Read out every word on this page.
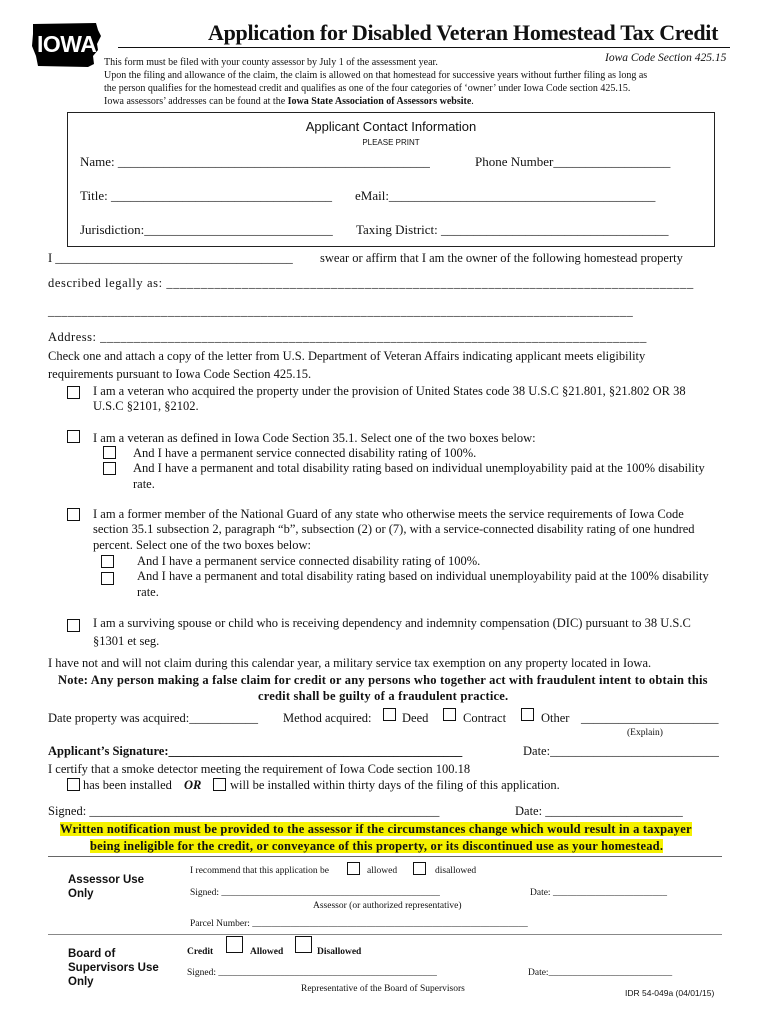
IOWA	Application for Disabled Veteran Homestead Tax Credit
Iowa Code Section 425.15
This form must be filed with your county assessor by July 1 of the assessment year.
Upon the filing and allowance of the claim, the claim is allowed on that homestead for successive years without further filing as long as
the person qualifies for the homestead credit and qualifies as one of the four categories of ‘owner’ under Iowa Code section 425.15.
Iowa assessors’ addresses can be found at the Iowa State Association of Assessors website.
Applicant Contact Information
PLEASE PRINT
Name: ________________________________________________	Phone Number__________________
Title: __________________________________ eMail:_________________________________________
Jurisdiction:_____________________________ Taxing District: ___________________________________
I ______________________________________ swear or affirm that I am the owner of the following homestead property
described legally as: _____________________________________________________________________________
________________________________________________________________________________________
Address: _________________________________________________________________________________
Check one and attach a copy of the letter from U.S. Department of Veteran Affairs indicating applicant meets eligibility
requirements pursuant to Iowa Code Section 425.15.
I am a veteran who acquired the property under the provision of United States code 38 U.S.C §21.801, §21.802 OR 38
U.S.C §2101, §2102.
I am a veteran as defined in Iowa Code Section 35.1. Select one of the two boxes below:
And I have a permanent service connected disability rating of 100%.
And I have a permanent and total disability rating based on individual unemployability paid at the 100% disability
rate.
I am a former member of the National Guard of any state who otherwise meets the service requirements of Iowa Code
section 35.1 subsection 2, paragraph “b”, subsection (2) or (7), with a service-connected disability rating of one hundred
percent. Select one of the two boxes below:
And I have a permanent service connected disability rating of 100%.
And I have a permanent and total disability rating based on individual unemployability paid at the 100% disability
rate.
I am a surviving spouse or child who is receiving dependency and indemnity compensation (DIC) pursuant to 38 U.S.C
§1301 et seg.
I have not and will not claim during this calendar year, a military service tax exemption on any property located in Iowa.
Note: Any person making a false claim for credit or any persons who together act with fraudulent intent to obtain this
credit shall be guilty of a fraudulent practice.
Date property was acquired:___________ Method acquired: Deed	Contract	Other ______________________
(Explain)
Applicant’s Signature:_______________________________________________	Date:___________________________
I certify that a smoke detector meeting the requirement of Iowa Code section 100.18
has been installed OR will be installed within thirty days of the filing of this application.
Signed: ________________________________________________________	Date: ______________________
Written notification must be provided to the assessor if the circumstances change which would result in a taxpayer
being ineligible for the credit, or conveyance of this property, or its discontinued use as your homestead.
Assessor Use
Only
I recommend that this application be	allowed	disallowed
Signed: ______________________________________________	Date: ________________________
Assessor (or authorized representative)
Parcel Number: __________________________________________________________
Board of
Supervisors Use
Only
Credit	Allowed	Disallowed
Signed: ______________________________________________	Date:__________________________
Representative of the Board of Supervisors	IDR 54-049a (04/01/15)
